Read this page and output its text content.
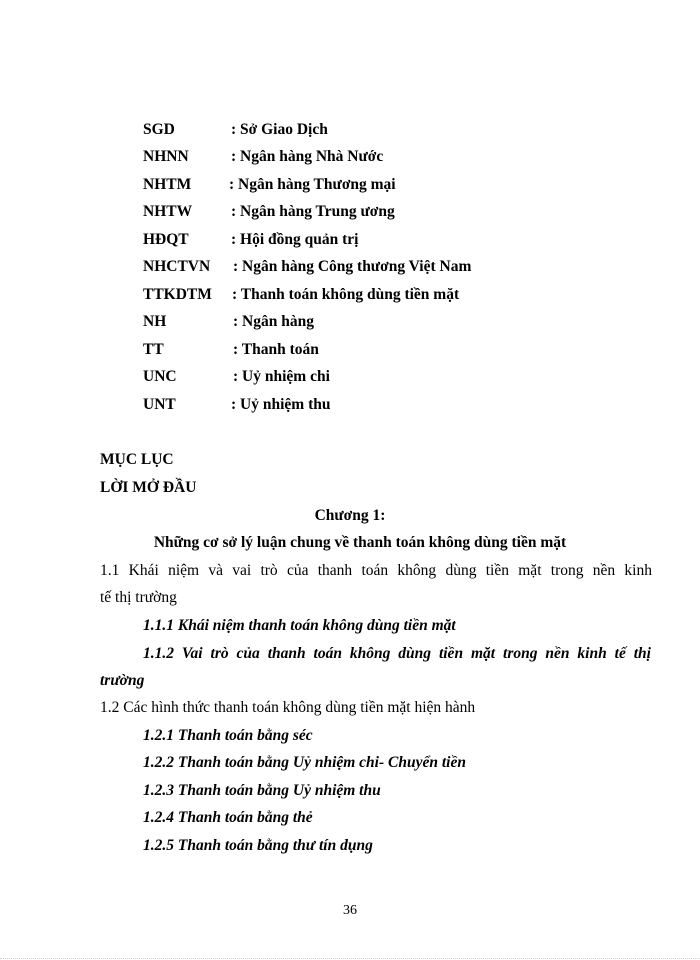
SGD	: Sở Giao Dịch
NHNN	: Ngân hàng Nhà Nước
NHTM : Ngân hàng Thương mại
NHTW	: Ngân hàng Trung ương
HĐQT	: Hội đồng quản trị
NHCTVN : Ngân hàng Công thương Việt Nam
TTKDTM : Thanh toán không dùng tiền mặt
NH	: Ngân hàng
TT	: Thanh toán
UNC	: Uỷ nhiệm chi
UNT	: Uỷ nhiệm thu
MỤC LỤC
LỜI MỞ ĐẦU
Chương 1:
Những cơ sở lý luận chung về thanh toán không dùng tiền mặt
1.1 Khái niệm và vai trò của thanh toán không dùng tiền mặt trong nền kinh
tế thị trường
1.1.1 Khái niệm thanh toán không dùng tiền mặt
1.1.2 Vai trò của thanh toán không dùng tiền mặt trong nền kinh tế thị
trường
1.2 Các hình thức thanh toán không dùng tiền mặt hiện hành
1.2.1 Thanh toán bằng séc
1.2.2 Thanh toán bằng Uỷ nhiệm chi- Chuyển tiền
1.2.3 Thanh toán bằng Uỷ nhiệm thu
1.2.4 Thanh toán bằng thẻ
1.2.5 Thanh toán bằng thư tín dụng
36
